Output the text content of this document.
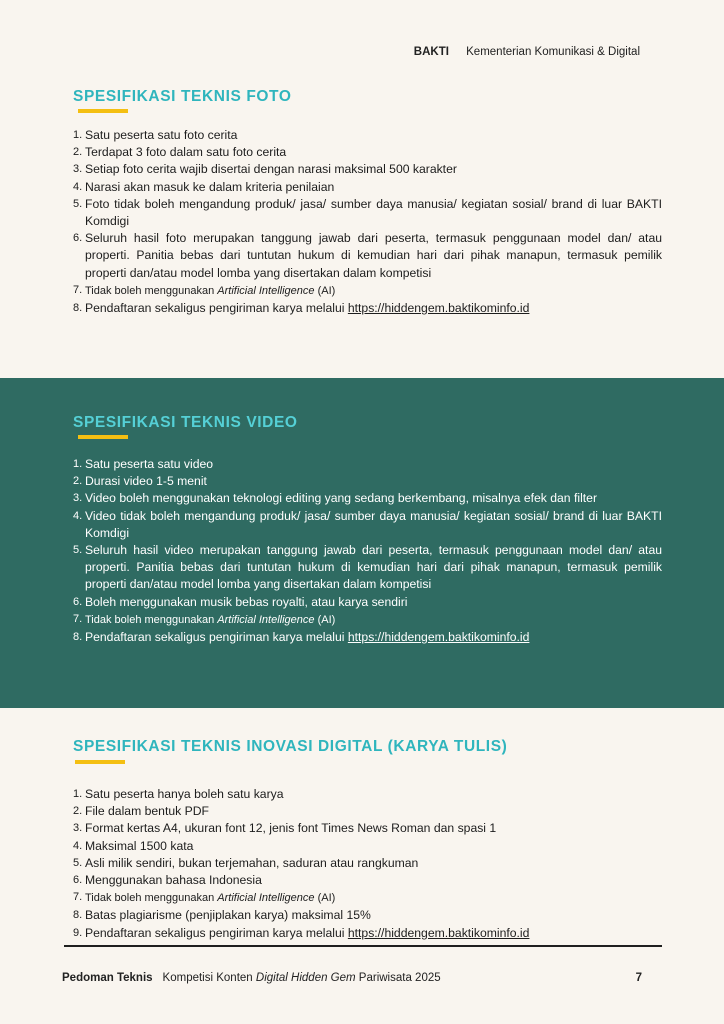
BAKTI Kementerian Komunikasi & Digital
SPESIFIKASI TEKNIS FOTO
1. Satu peserta satu foto cerita
2. Terdapat 3 foto dalam satu foto cerita
3. Setiap foto cerita wajib disertai dengan narasi maksimal 500 karakter
4. Narasi akan masuk ke dalam kriteria penilaian
5. Foto tidak boleh mengandung produk/ jasa/ sumber daya manusia/ kegiatan sosial/ brand di luar BAKTI Komdigi
6. Seluruh hasil foto merupakan tanggung jawab dari peserta, termasuk penggunaan model dan/ atau properti. Panitia bebas dari tuntutan hukum di kemudian hari dari pihak manapun, termasuk pemilik properti dan/atau model lomba yang disertakan dalam kompetisi
7. Tidak boleh menggunakan Artificial Intelligence (AI)
8. Pendaftaran sekaligus pengiriman karya melalui https://hiddengem.baktikominfo.id
SPESIFIKASI TEKNIS VIDEO
1. Satu peserta satu video
2. Durasi video 1-5 menit
3. Video boleh menggunakan teknologi editing yang sedang berkembang, misalnya efek dan filter
4. Video tidak boleh mengandung produk/ jasa/ sumber daya manusia/ kegiatan sosial/ brand di luar BAKTI Komdigi
5. Seluruh hasil video merupakan tanggung jawab dari peserta, termasuk penggunaan model dan/ atau properti. Panitia bebas dari tuntutan hukum di kemudian hari dari pihak manapun, termasuk pemilik properti dan/atau model lomba yang disertakan dalam kompetisi
6. Boleh menggunakan musik bebas royalti, atau karya sendiri
7. Tidak boleh menggunakan Artificial Intelligence (AI)
8. Pendaftaran sekaligus pengiriman karya melalui https://hiddengem.baktikominfo.id
SPESIFIKASI TEKNIS INOVASI DIGITAL (KARYA TULIS)
1. Satu peserta hanya boleh satu karya
2. File dalam bentuk PDF
3. Format kertas A4, ukuran font 12, jenis font Times News Roman dan spasi 1
4. Maksimal 1500 kata
5. Asli milik sendiri, bukan terjemahan, saduran atau rangkuman
6. Menggunakan bahasa Indonesia
7. Tidak boleh menggunakan Artificial Intelligence (AI)
8. Batas plagiarisme (penjiplakan karya) maksimal 15%
9. Pendaftaran sekaligus pengiriman karya melalui https://hiddengem.baktikominfo.id
Pedoman Teknis Kompetisi Konten Digital Hidden Gem Pariwisata 2025	7
